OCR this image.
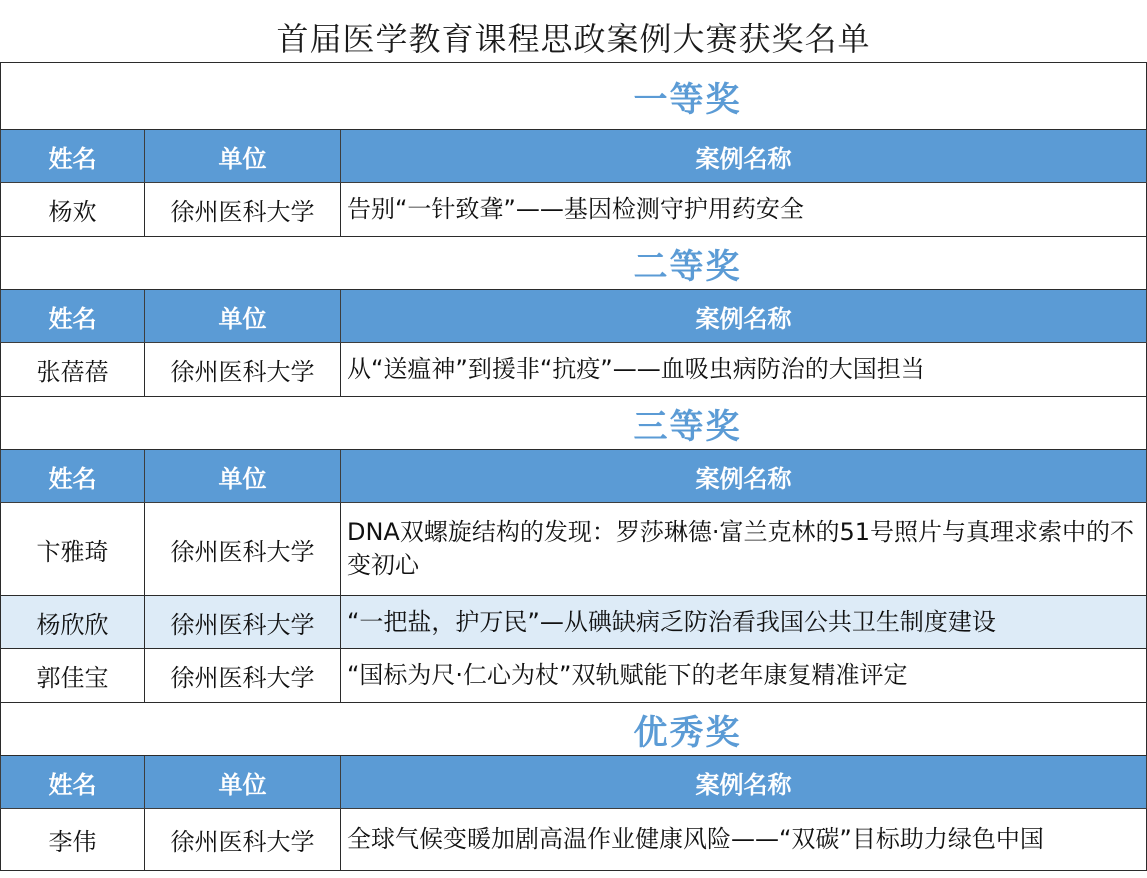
首届医学教育课程思政案例大赛获奖名单
一等奖		
姓名	单位	案例名称
杨欢	徐州医科大学	告别“一针致聋”——基因检测守护用药安全
二等奖		
姓名	单位	案例名称
张蓓蓓	徐州医科大学	从“送瘟神”到援非“抗疫”——血吸虫病防治的大国担当
三等奖		
姓名	单位	案例名称
卞雅琦	徐州医科大学	DNA双螺旋结构的发现：罗莎琳德·富兰克林的51号照片与真理求索中的不变初心
杨欣欣	徐州医科大学	“一把盐，护万民”—从碘缺病乏防治看我国公共卫生制度建设
郭佳宝	徐州医科大学	“国标为尺·仁心为杖”双轨赋能下的老年康复精准评定
优秀奖		
姓名	单位	案例名称
李伟	徐州医科大学	全球气候变暖加剧高温作业健康风险——“双碳”目标助力绿色中国
